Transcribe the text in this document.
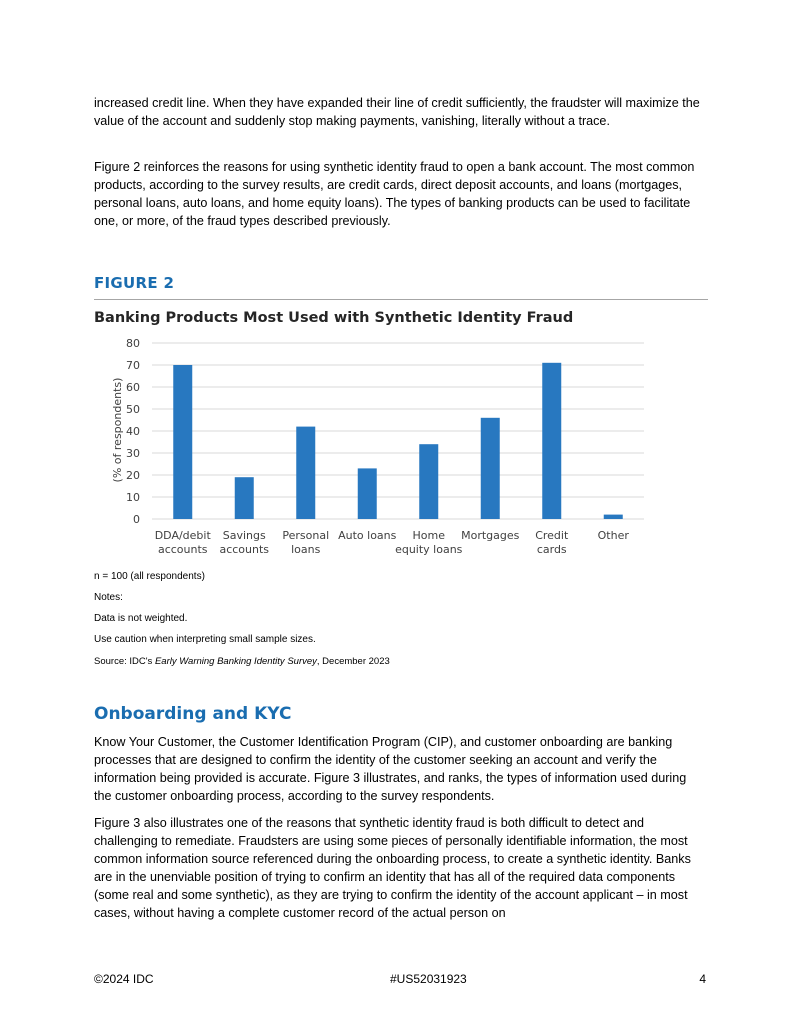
increased credit line. When they have expanded their line of credit sufficiently, the fraudster will maximize the value of the account and suddenly stop making payments, vanishing, literally without a trace.

Figure 2 reinforces the reasons for using synthetic identity fraud to open a bank account. The most common products, according to the survey results, are credit cards, direct deposit accounts, and loans (mortgages, personal loans, auto loans, and home equity loans). The types of banking products can be used to facilitate one, or more, of the fraud types described previously.

FIGURE 2
Banking Products Most Used with Synthetic Identity Fraud
0
10
20
30
40
50
60
70
80
DDA/debit accounts
Savings accounts
Personal loans
Auto loans	Home equity loans
Mortgages Credit cards
Other
(% of respondents)

n = 100 (all respondents)

Notes:

Data is not weighted.

Use caution when interpreting small sample sizes.

Source: IDC's Early Warning Banking Identity Survey, December 2023

Onboarding and KYC

Know Your Customer, the Customer Identification Program (CIP), and customer onboarding are banking processes that are designed to confirm the identity of the customer seeking an account and verify the information being provided is accurate. Figure 3 illustrates, and ranks, the types of information used during the customer onboarding process, according to the survey respondents.

Figure 3 also illustrates one of the reasons that synthetic identity fraud is both difficult to detect and challenging to remediate. Fraudsters are using some pieces of personally identifiable information, the most common information source referenced during the onboarding process, to create a synthetic identity. Banks are in the unenviable position of trying to confirm an identity that has all of the required data components (some real and some synthetic), as they are trying to confirm the identity of the account applicant – in most cases, without having a complete customer record of the actual person on

©2024 IDC	#US52031923	4
